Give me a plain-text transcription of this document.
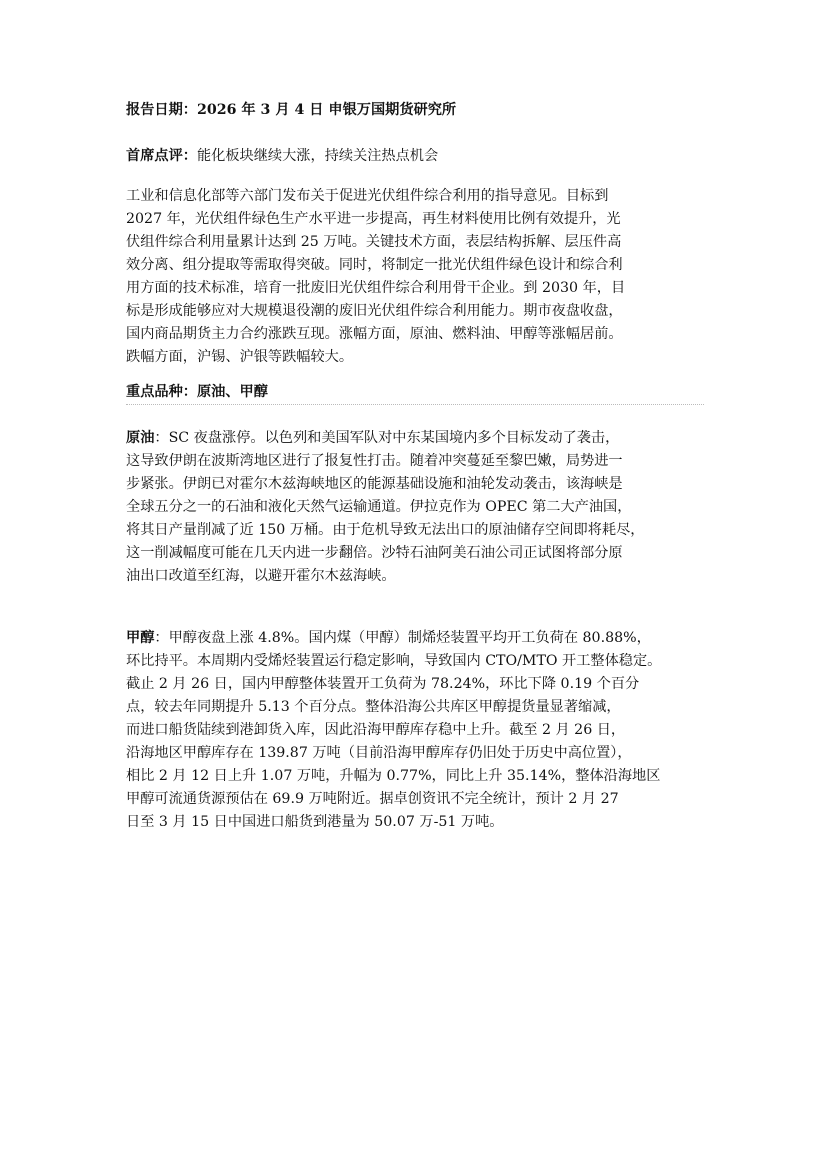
报告日期：2026 年 3 月 4 日 申银万国期货研究所

首席点评：能化板块继续大涨，持续关注热点机会

工业和信息化部等六部门发布关于促进光伏组件综合利用的指导意见。目标到

2027 年，光伏组件绿色生产水平进一步提高，再生材料使用比例有效提升，光

伏组件综合利用量累计达到 25 万吨。关键技术方面，表层结构拆解、层压件高

效分离、组分提取等需取得突破。同时，将制定一批光伏组件绿色设计和综合利

用方面的技术标准，培育一批废旧光伏组件综合利用骨干企业。到 2030 年，目

标是形成能够应对大规模退役潮的废旧光伏组件综合利用能力。期市夜盘收盘，

国内商品期货主力合约涨跌互现。涨幅方面，原油、燃料油、甲醇等涨幅居前。

跌幅方面，沪锡、沪银等跌幅较大。

重点品种：原油、甲醇

原油：SC 夜盘涨停。以色列和美国军队对中东某国境内多个目标发动了袭击，

这导致伊朗在波斯湾地区进行了报复性打击。随着冲突蔓延至黎巴嫩，局势进一

步紧张。伊朗已对霍尔木兹海峡地区的能源基础设施和油轮发动袭击，该海峡是

全球五分之一的石油和液化天然气运输通道。伊拉克作为 OPEC 第二大产油国，

将其日产量削减了近 150 万桶。由于危机导致无法出口的原油储存空间即将耗尽，

这一削减幅度可能在几天内进一步翻倍。沙特石油阿美石油公司正试图将部分原

油出口改道至红海，以避开霍尔木兹海峡。

甲醇：甲醇夜盘上涨 4.8%。国内煤（甲醇）制烯烃装置平均开工负荷在 80.88%，

环比持平。本周期内受烯烃装置运行稳定影响，导致国内 CTO/MTO 开工整体稳定。

截止 2 月 26 日，国内甲醇整体装置开工负荷为 78.24%，环比下降 0.19 个百分

点，较去年同期提升 5.13 个百分点。整体沿海公共库区甲醇提货量显著缩减，

而进口船货陆续到港卸货入库，因此沿海甲醇库存稳中上升。截至 2 月 26 日，

沿海地区甲醇库存在 139.87 万吨（目前沿海甲醇库存仍旧处于历史中高位置），

相比 2 月 12 日上升 1.07 万吨，升幅为 0.77%，同比上升 35.14%，整体沿海地区

甲醇可流通货源预估在 69.9 万吨附近。据卓创资讯不完全统计，预计 2 月 27

日至 3 月 15 日中国进口船货到港量为 50.07 万-51 万吨。
